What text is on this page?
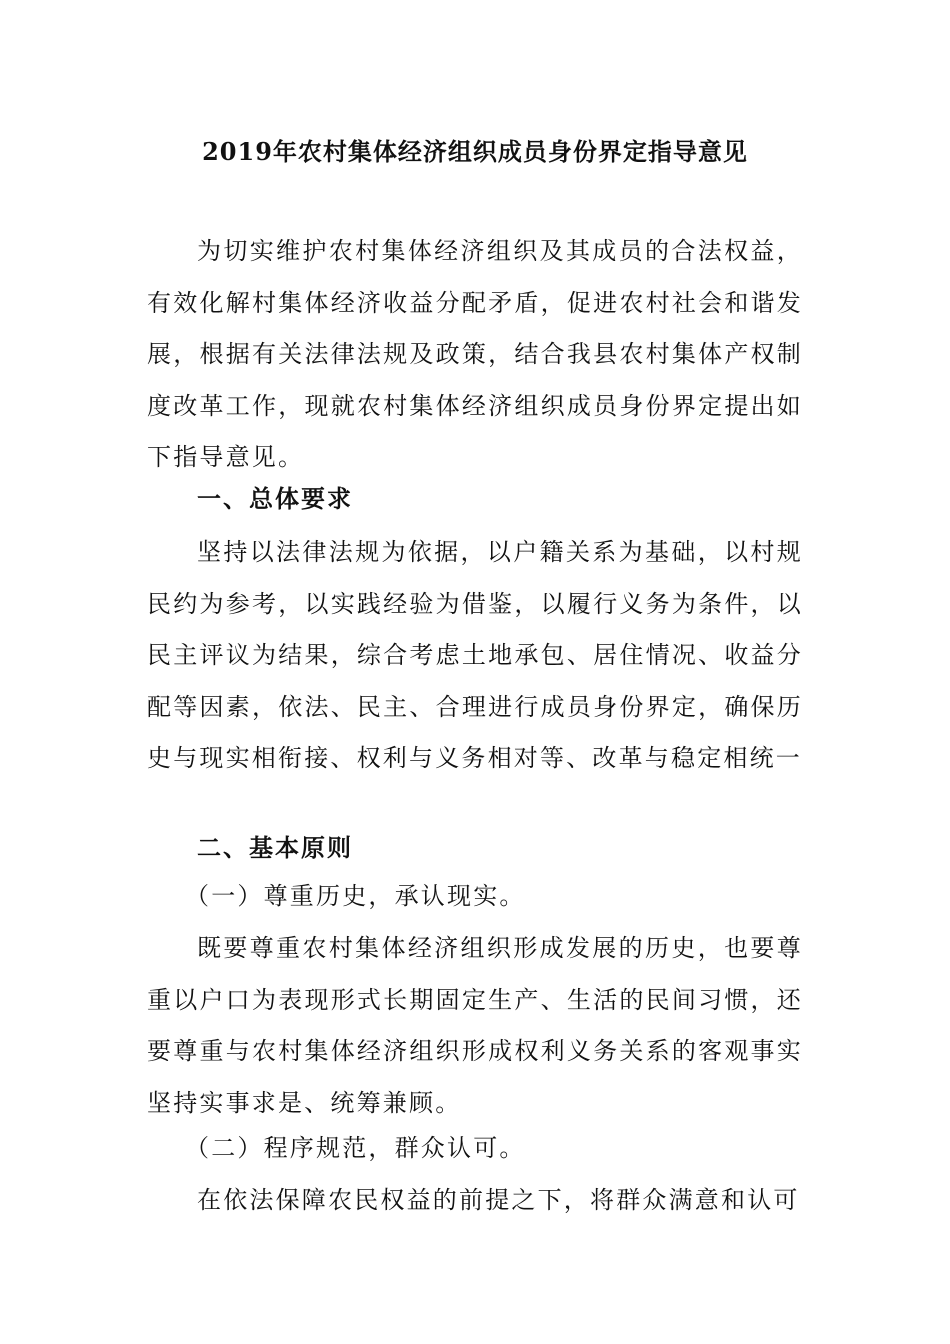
2019年农村集体经济组织成员身份界定指导意见

为切实维护农村集体经济组织及其成员的合法权益，有效化解村集体经济收益分配矛盾，促进农村社会和谐发展，根据有关法律法规及政策，结合我县农村集体产权制度改革工作，现就农村集体经济组织成员身份界定提出如下指导意见。

一、总体要求

坚持以法律法规为依据，以户籍关系为基础，以村规民约为参考，以实践经验为借鉴，以履行义务为条件，以民主评议为结果，综合考虑土地承包、居住情况、收益分配等因素，依法、民主、合理进行成员身份界定，确保历史与现实相衔接、权利与义务相对等、改革与稳定相统一

二、基本原则

（一）尊重历史，承认现实。

既要尊重农村集体经济组织形成发展的历史，也要尊重以户口为表现形式长期固定生产、生活的民间习惯，还要尊重与农村集体经济组织形成权利义务关系的客观事实坚持实事求是、统筹兼顾。

（二）程序规范，群众认可。

在依法保障农民权益的前提之下，将群众满意和认可
